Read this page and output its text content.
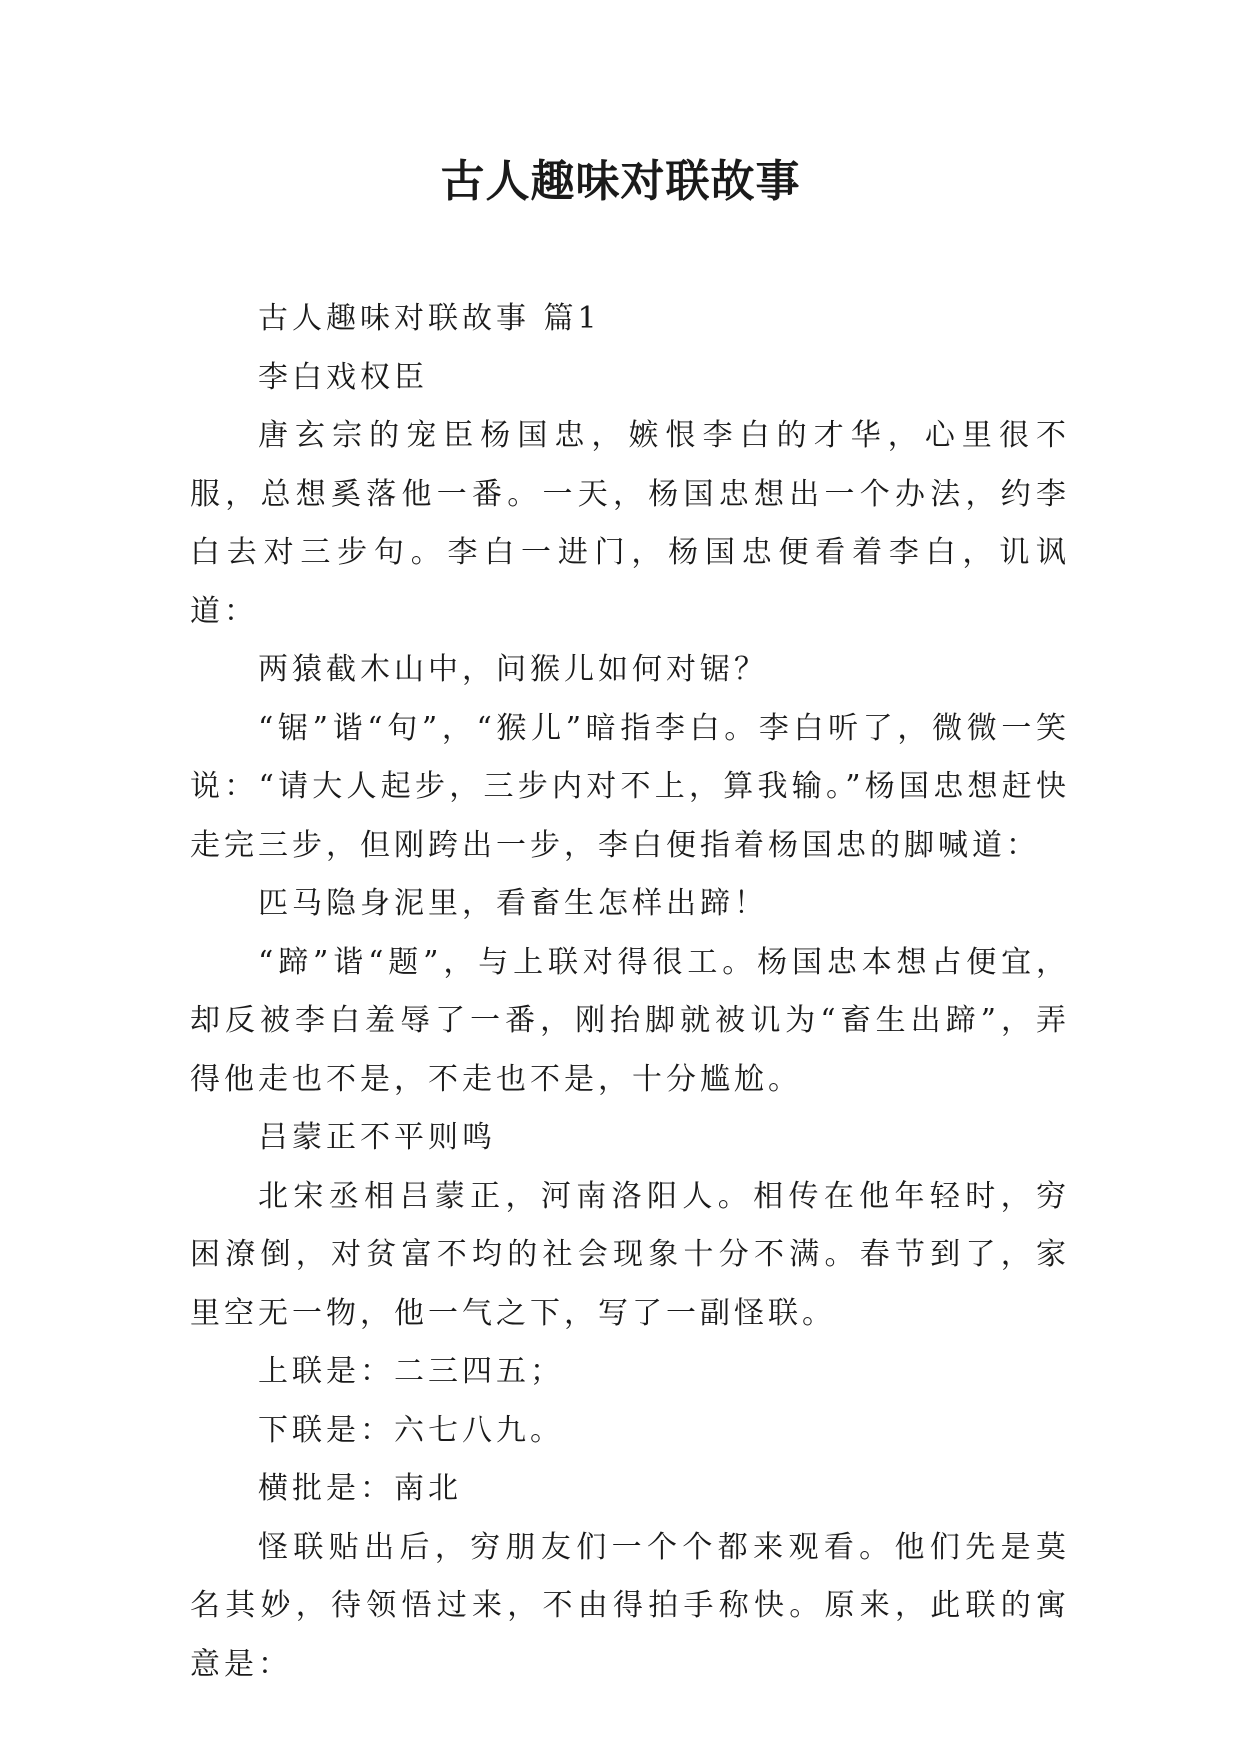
古人趣味对联故事

古人趣味对联故事 篇1

李白戏权臣

唐玄宗的宠臣杨国忠，嫉恨李白的才华，心里很不服，总想奚落他一番。一天，杨国忠想出一个办法，约李白去对三步句。李白一进门，杨国忠便看着李白，讥讽道：

两猿截木山中，问猴儿如何对锯？

“锯”谐“句”，“猴儿”暗指李白。李白听了，微微一笑说：“请大人起步，三步内对不上，算我输。”杨国忠想赶快走完三步，但刚跨出一步，李白便指着杨国忠的脚喊道：

匹马隐身泥里，看畜生怎样出蹄！

“蹄”谐“题”，与上联对得很工。杨国忠本想占便宜，却反被李白羞辱了一番，刚抬脚就被讥为“畜生出蹄”，弄得他走也不是，不走也不是，十分尴尬。

吕蒙正不平则鸣

北宋丞相吕蒙正，河南洛阳人。相传在他年轻时，穷困潦倒，对贫富不均的社会现象十分不满。春节到了，家里空无一物，他一气之下，写了一副怪联。

上联是：二三四五；

下联是：六七八九。

横批是：南北

怪联贴出后，穷朋友们一个个都来观看。他们先是莫名其妙，待领悟过来，不由得拍手称快。原来，此联的寓意是：
